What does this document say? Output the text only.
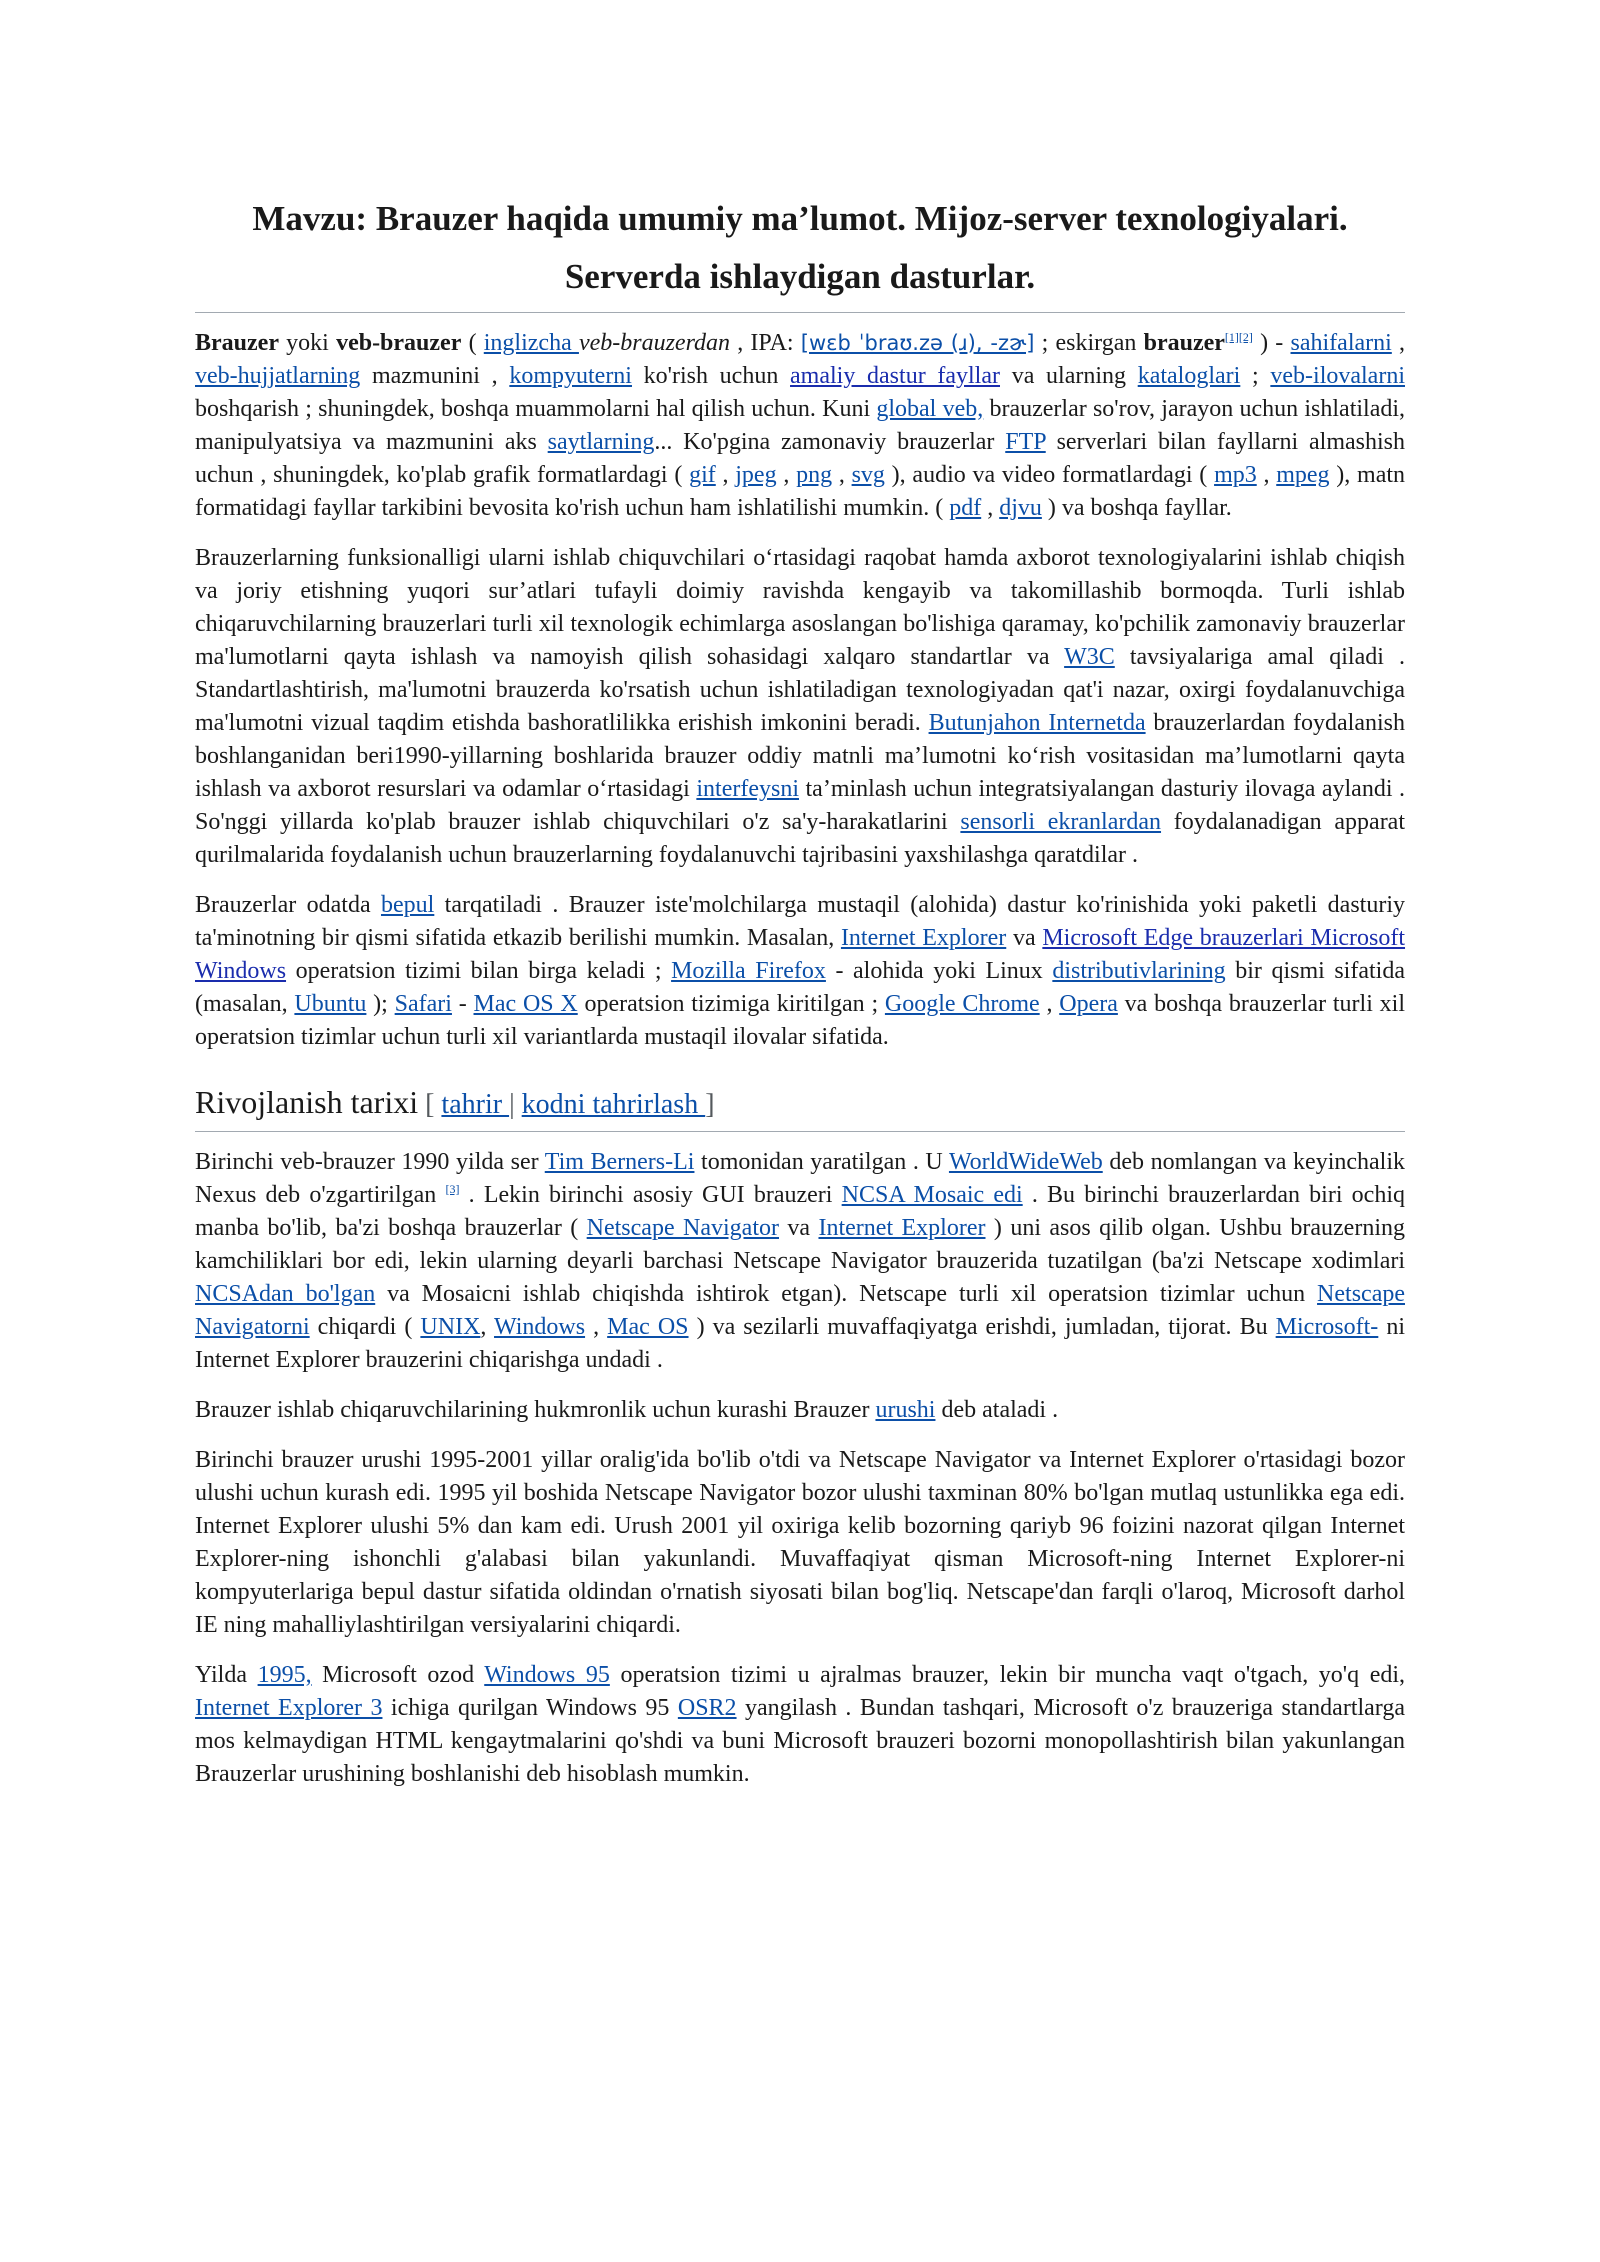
Mavzu: Brauzer haqida umumiy ma’lumot. Mijoz-server texnologiyalari.
Serverda ishlaydigan dasturlar.

Brauzer yoki veb-brauzer ( inglizcha veb-brauzerdan , IPA: [wɛb ˈbraʊ.zə (ɹ), -zɚ] ; eskirgan brauzer[1][2] ) - sahifalarni , veb-hujjatlarning mazmunini , kompyuterni ko'rish uchun amaliy dastur fayllar va ularning kataloglari ; veb-ilovalarni boshqarish ; shuningdek, boshqa muammolarni hal qilish uchun. Kuni global veb, brauzerlar so'rov, jarayon uchun ishlatiladi, manipulyatsiya va mazmunini aks saytlarning... Ko'pgina zamonaviy brauzerlar FTP serverlari bilan fayllarni almashish uchun , shuningdek, ko'plab grafik formatlardagi ( gif , jpeg , png , svg ), audio va video formatlardagi ( mp3 , mpeg ), matn formatidagi fayllar tarkibini bevosita ko'rish uchun ham ishlatilishi mumkin. ( pdf , djvu ) va boshqa fayllar.

Brauzerlarning funksionalligi ularni ishlab chiquvchilari o‘rtasidagi raqobat hamda axborot texnologiyalarini ishlab chiqish va joriy etishning yuqori sur’atlari tufayli doimiy ravishda kengayib va takomillashib bormoqda. Turli ishlab chiqaruvchilarning brauzerlari turli xil texnologik echimlarga asoslangan bo'lishiga qaramay, ko'pchilik zamonaviy brauzerlar ma'lumotlarni qayta ishlash va namoyish qilish sohasidagi xalqaro standartlar va W3C tavsiyalariga amal qiladi . Standartlashtirish, ma'lumotni brauzerda ko'rsatish uchun ishlatiladigan texnologiyadan qat'i nazar, oxirgi foydalanuvchiga ma'lumotni vizual taqdim etishda bashoratlilikka erishish imkonini beradi. Butunjahon Internetda brauzerlardan foydalanish boshlanganidan beri1990-yillarning boshlarida brauzer oddiy matnli ma’lumotni ko‘rish vositasidan ma’lumotlarni qayta ishlash va axborot resurslari va odamlar o‘rtasidagi interfeysni ta’minlash uchun integratsiyalangan dasturiy ilovaga aylandi . So'nggi yillarda ko'plab brauzer ishlab chiquvchilari o'z sa'y-harakatlarini sensorli ekranlardan foydalanadigan apparat qurilmalarida foydalanish uchun brauzerlarning foydalanuvchi tajribasini yaxshilashga qaratdilar .

Brauzerlar odatda bepul tarqatiladi . Brauzer iste'molchilarga mustaqil (alohida) dastur ko'rinishida yoki paketli dasturiy ta'minotning bir qismi sifatida etkazib berilishi mumkin. Masalan, Internet Explorer va Microsoft Edge brauzerlari Microsoft Windows operatsion tizimi bilan birga keladi ; Mozilla Firefox - alohida yoki Linux distributivlarining bir qismi sifatida (masalan, Ubuntu ); Safari - Mac OS X operatsion tizimiga kiritilgan ; Google Chrome , Opera va boshqa brauzerlar turli xil operatsion tizimlar uchun turli xil variantlarda mustaqil ilovalar sifatida.

Rivojlanish tarixi [ tahrir | kodni tahrirlash ]

Birinchi veb-brauzer 1990 yilda ser Tim Berners-Li tomonidan yaratilgan . U WorldWideWeb deb nomlangan va keyinchalik Nexus deb o'zgartirilgan [3] . Lekin birinchi asosiy GUI brauzeri NCSA Mosaic edi . Bu birinchi brauzerlardan biri ochiq manba bo'lib, ba'zi boshqa brauzerlar ( Netscape Navigator va Internet Explorer ) uni asos qilib olgan. Ushbu brauzerning kamchiliklari bor edi, lekin ularning deyarli barchasi Netscape Navigator brauzerida tuzatilgan (ba'zi Netscape xodimlari NCSAdan bo'lgan va Mosaicni ishlab chiqishda ishtirok etgan). Netscape turli xil operatsion tizimlar uchun Netscape Navigatorni chiqardi ( UNIX, Windows , Mac OS ) va sezilarli muvaffaqiyatga erishdi, jumladan, tijorat. Bu Microsoft- ni Internet Explorer brauzerini chiqarishga undadi .

Brauzer ishlab chiqaruvchilarining hukmronlik uchun kurashi Brauzer urushi deb ataladi .

Birinchi brauzer urushi 1995-2001 yillar oralig'ida bo'lib o'tdi va Netscape Navigator va Internet Explorer o'rtasidagi bozor ulushi uchun kurash edi. 1995 yil boshida Netscape Navigator bozor ulushi taxminan 80% bo'lgan mutlaq ustunlikka ega edi. Internet Explorer ulushi 5% dan kam edi. Urush 2001 yil oxiriga kelib bozorning qariyb 96 foizini nazorat qilgan Internet Explorer-ning ishonchli g'alabasi bilan yakunlandi. Muvaffaqiyat qisman Microsoft-ning Internet Explorer-ni kompyuterlariga bepul dastur sifatida oldindan o'rnatish siyosati bilan bog'liq. Netscape'dan farqli o'laroq, Microsoft darhol IE ning mahalliylashtirilgan versiyalarini chiqardi.

Yilda 1995, Microsoft ozod Windows 95 operatsion tizimi u ajralmas brauzer, lekin bir muncha vaqt o'tgach, yo'q edi, Internet Explorer 3 ichiga qurilgan Windows 95 OSR2 yangilash . Bundan tashqari, Microsoft o'z brauzeriga standartlarga mos kelmaydigan HTML kengaytmalarini qo'shdi va buni Microsoft brauzeri bozorni monopollashtirish bilan yakunlangan Brauzerlar urushining boshlanishi deb hisoblash mumkin.
